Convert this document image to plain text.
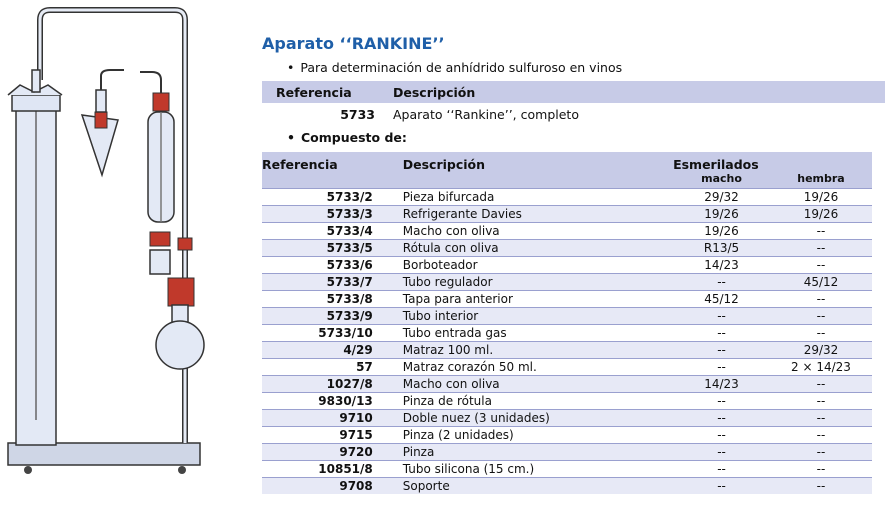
Aparato ‘‘RANKINE’’
• Para determinación de anhídrido sulfuroso en vinos
Referencia	Descripción
5733	Aparato ‘‘Rankine’’, completo
• Compuesto de:
Referencia	Descripción	Esmerilados	
		macho	hembra
5733/2	Pieza bifurcada	29/32	19/26
5733/3	Refrigerante Davies	19/26	19/26
5733/4	Macho con oliva	19/26	--
5733/5	Rótula con oliva	R13/5	--
5733/6	Borboteador	14/23	--
5733/7	Tubo regulador	--	45/12
5733/8	Tapa para anterior	45/12	--
5733/9	Tubo interior	--	--
5733/10	Tubo entrada gas	--	--
4/29	Matraz 100 ml.	--	29/32
57	Matraz corazón 50 ml.	--	2 × 14/23
1027/8	Macho con oliva	14/23	--
9830/13	Pinza de rótula	--	--
9710	Doble nuez (3 unidades)	--	--
9715	Pinza (2 unidades)	--	--
9720	Pinza	--	--
10851/8	Tubo silicona (15 cm.)	--	--
9708	Soporte	--	--
